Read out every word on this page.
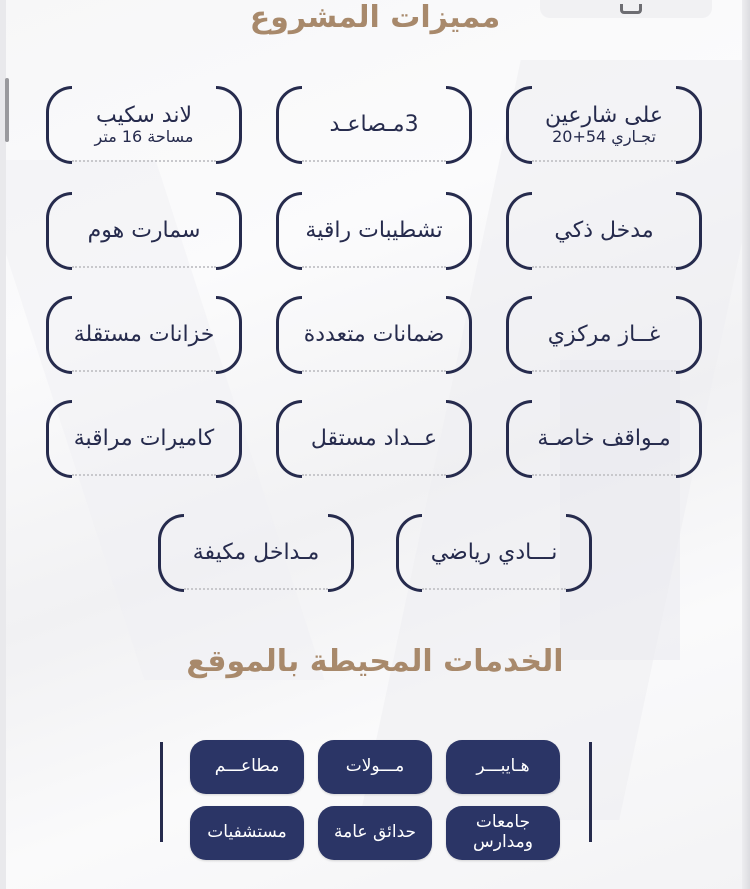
مميزات المشروع
على شارعين
تجـاري 54+20
3مـصاعـد
لاند سكيب
مساحة 16 متر
مدخل ذكي
تشطيبات راقية
سمارت هوم
غــاز مركزي
ضمانات متعددة
خزانات مستقلة
مـواقف خاصـة
عــداد مستقل
كاميرات مراقبة
نـــادي رياضي
مـداخل مكيفة
الخدمات المحيطة بالموقع
هـايبـــر
مـــولات
مطاعـــم
جامعات ومدارس
حدائق عامة
مستشفيات
